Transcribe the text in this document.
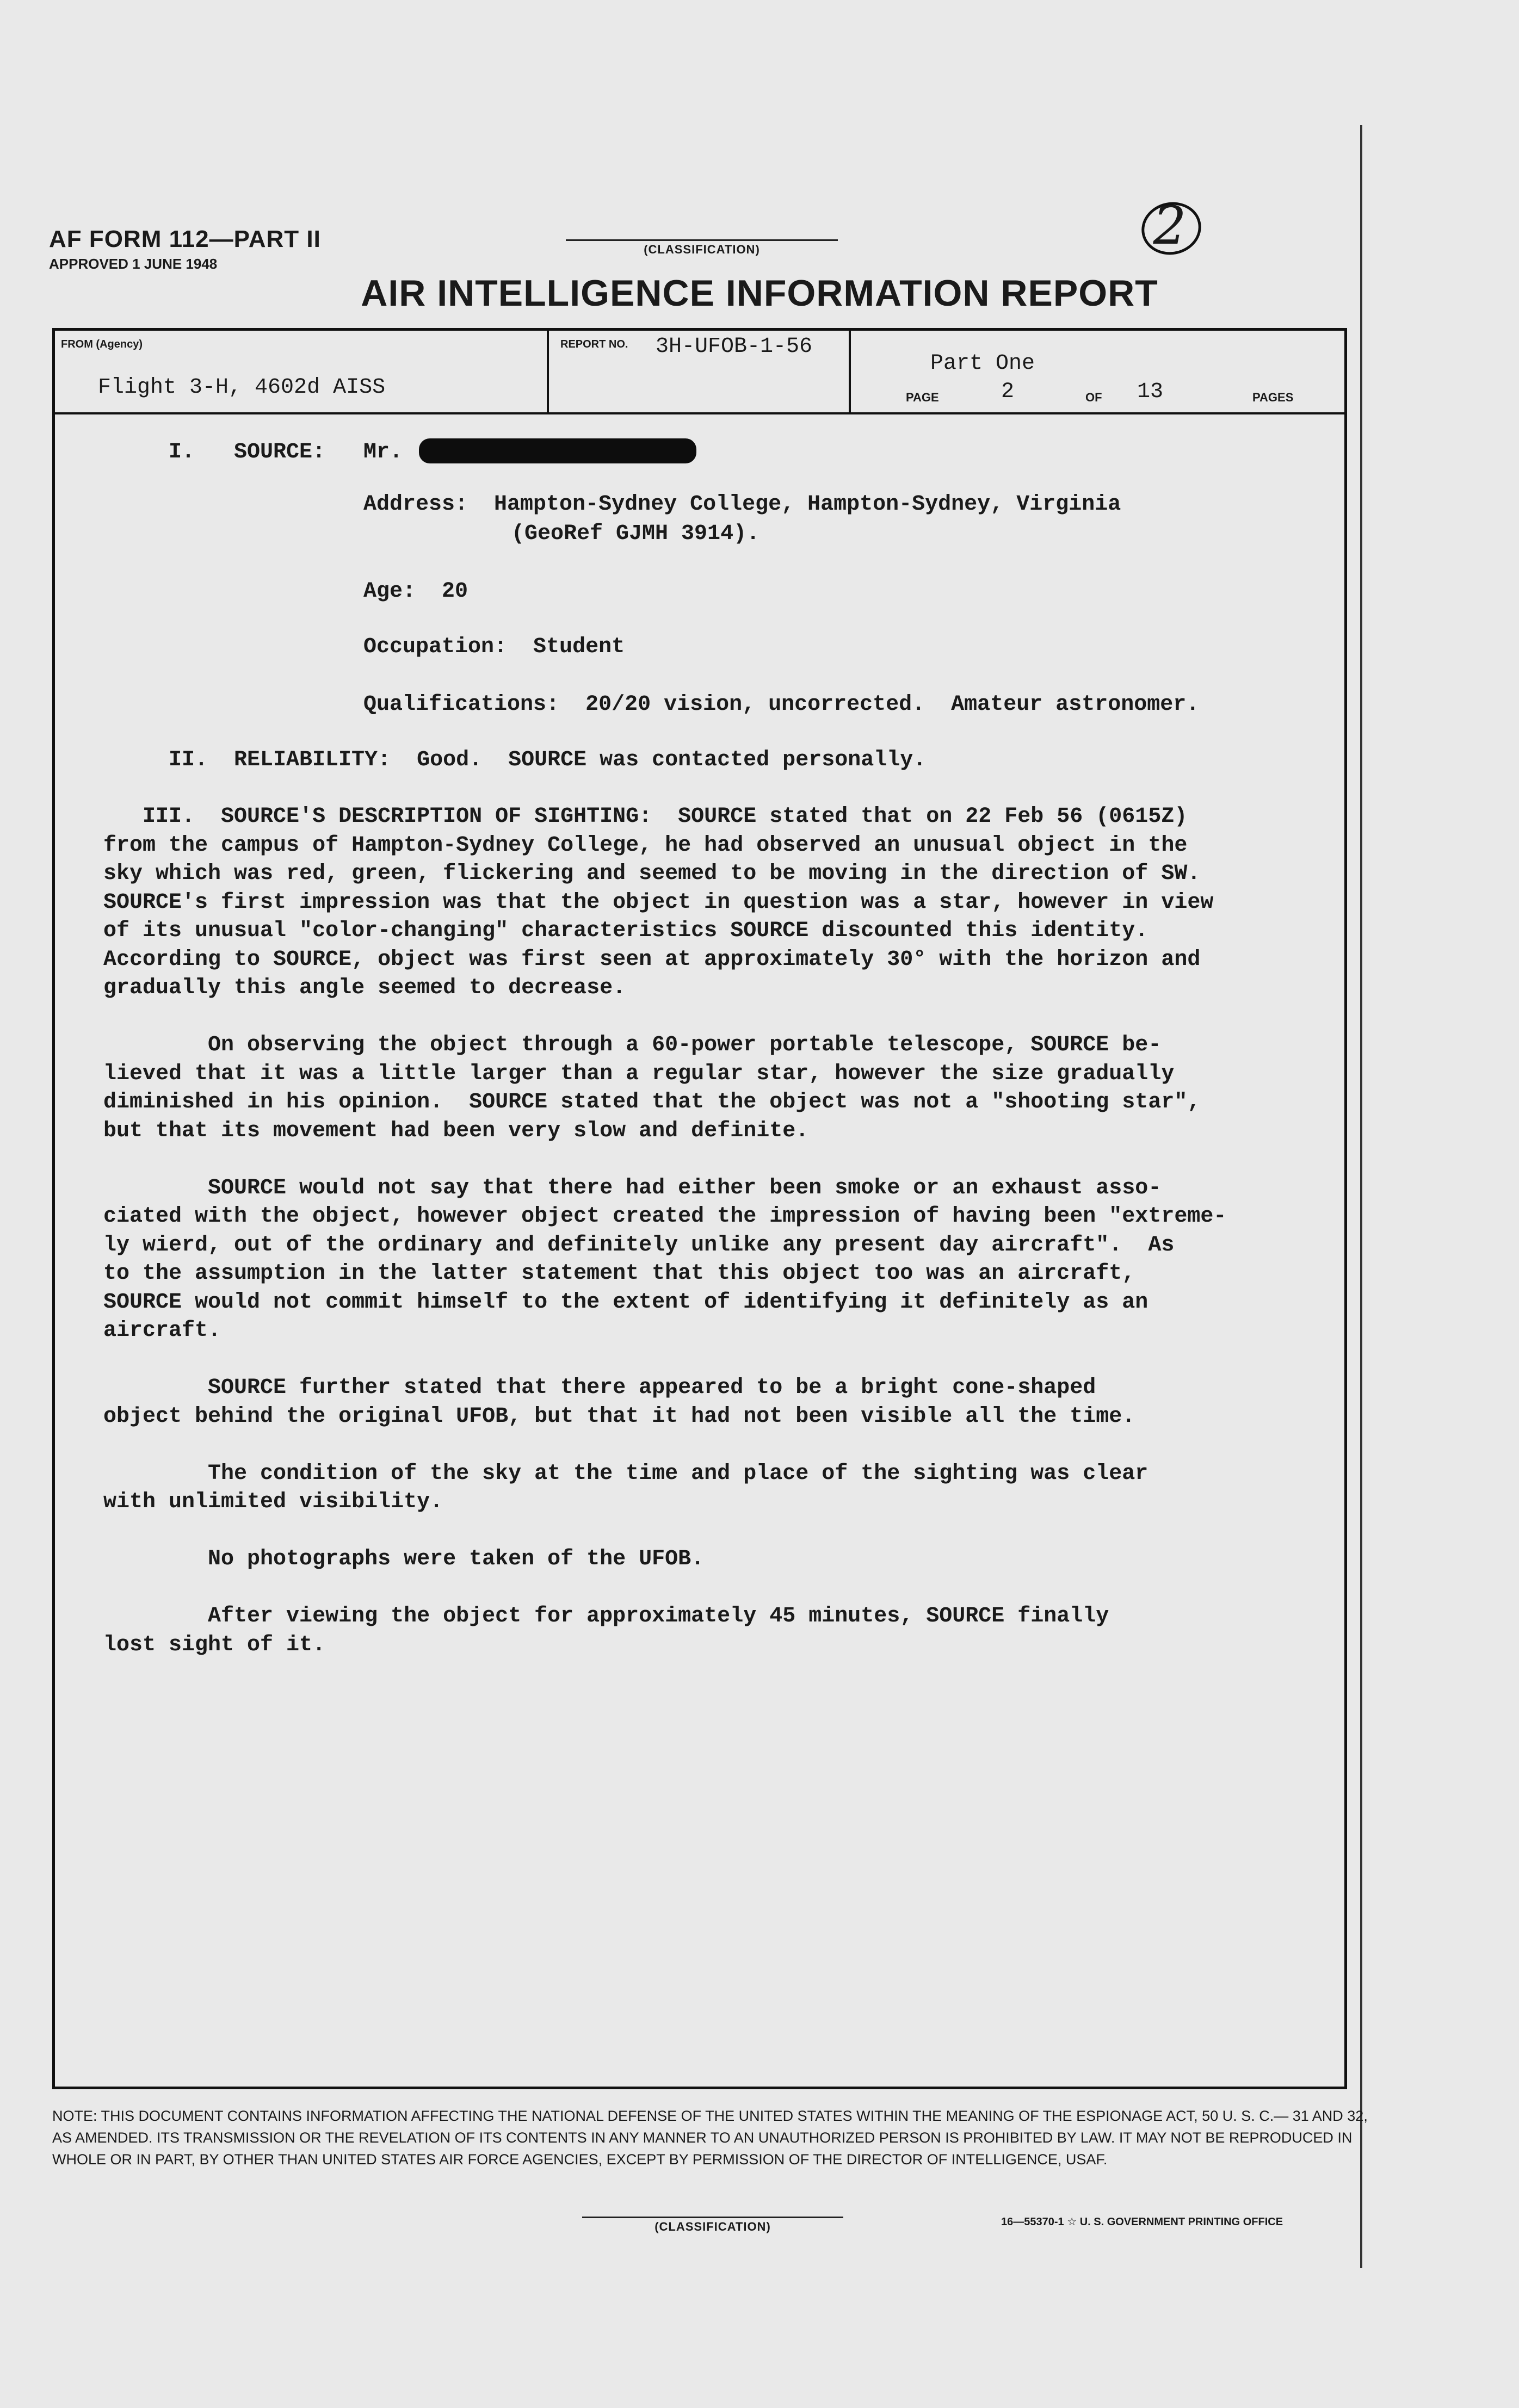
(CLASSIFICATION)
AF FORM 112—PART II
APPROVED 1 JUNE 1948
2
AIR INTELLIGENCE INFORMATION REPORT
FROM (Agency)
Flight 3-H, 4602d AISS
REPORT NO. 3H-UFOB-1-56
Part One
PAGE	2	OF 13	PAGES
I.   SOURCE: Mr.
Address:  Hampton-Sydney College, Hampton-Sydney, Virginia
(GeoRef GJMH 3914).
Age:  20
Occupation:  Student
Qualifications:  20/20 vision, uncorrected.  Amateur astronomer.
II.  RELIABILITY:  Good.  SOURCE was contacted personally.
III.  SOURCE'S DESCRIPTION OF SIGHTING:  SOURCE stated that on 22 Feb 56 (0615Z)
from the campus of Hampton-Sydney College, he had observed an unusual object in the
sky which was red, green, flickering and seemed to be moving in the direction of SW.
SOURCE's first impression was that the object in question was a star, however in view
of its unusual "color-changing" characteristics SOURCE discounted this identity.
According to SOURCE, object was first seen at approximately 30° with the horizon and
gradually this angle seemed to decrease.
On observing the object through a 60-power portable telescope, SOURCE be-
lieved that it was a little larger than a regular star, however the size gradually
diminished in his opinion.  SOURCE stated that the object was not a "shooting star",
but that its movement had been very slow and definite.
SOURCE would not say that there had either been smoke or an exhaust asso-
ciated with the object, however object created the impression of having been "extreme-
ly wierd, out of the ordinary and definitely unlike any present day aircraft".  As
to the assumption in the latter statement that this object too was an aircraft,
SOURCE would not commit himself to the extent of identifying it definitely as an
aircraft.
SOURCE further stated that there appeared to be a bright cone-shaped
object behind the original UFOB, but that it had not been visible all the time.
The condition of the sky at the time and place of the sighting was clear
with unlimited visibility.
No photographs were taken of the UFOB.
After viewing the object for approximately 45 minutes, SOURCE finally
lost sight of it.
NOTE: THIS DOCUMENT CONTAINS INFORMATION AFFECTING THE NATIONAL DEFENSE OF THE UNITED STATES WITHIN THE MEANING OF THE ESPIONAGE ACT, 50 U. S. C.— 31 AND 32, AS AMENDED. ITS TRANSMISSION OR THE REVELATION OF ITS CONTENTS IN ANY MANNER TO AN UNAUTHORIZED PERSON IS PROHIBITED BY LAW. IT MAY NOT BE REPRODUCED IN WHOLE OR IN PART, BY OTHER THAN UNITED STATES AIR FORCE AGENCIES, EXCEPT BY PERMISSION OF THE DIRECTOR OF INTELLIGENCE, USAF.
(CLASSIFICATION)	16—55370-1 ☆ U. S. GOVERNMENT PRINTING OFFICE
